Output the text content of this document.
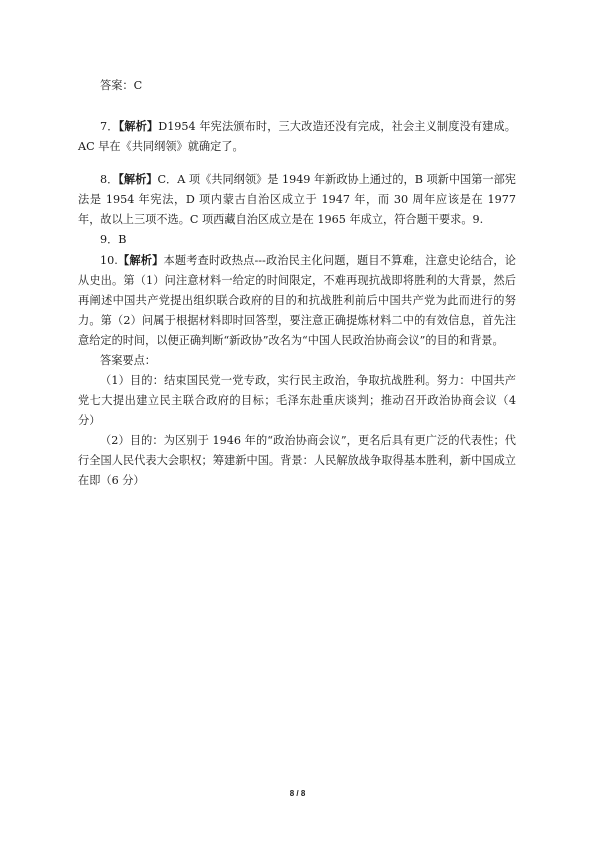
答案：C

7．【解析】D1954 年宪法颁布时，三大改造还没有完成，社会主义制度没有建成。AC 早在《共同纲领》就确定了。

8．【解析】C．A 项《共同纲领》是 1949 年新政协上通过的，B 项新中国第一部宪法是 1954 年宪法，D 项内蒙古自治区成立于 1947 年，而 30 周年应该是在 1977 年，故以上三项不选。C 项西藏自治区成立是在 1965 年成立，符合题干要求。9.

9．B

10.【解析】本题考查时政热点---政治民主化问题，题目不算难，注意史论结合，论从史出。第（1）问注意材料一给定的时间限定，不难再现抗战即将胜利的大背景，然后再阐述中国共产党提出组织联合政府的目的和抗战胜利前后中国共产党为此而进行的努力。第（2）问属于根据材料即时回答型，要注意正确提炼材料二中的有效信息，首先注意给定的时间，以便正确判断“新政协”改名为“中国人民政治协商会议”的目的和背景。

答案要点：

（1）目的：结束国民党一党专政，实行民主政治，争取抗战胜利。努力：中国共产党七大提出建立民主联合政府的目标；毛泽东赴重庆谈判；推动召开政治协商会议（4 分）

（2）目的：为区别于 1946 年的“政治协商会议”，更名后具有更广泛的代表性；代行全国人民代表大会职权；筹建新中国。背景：人民解放战争取得基本胜利，新中国成立在即（6 分）

8 / 8
